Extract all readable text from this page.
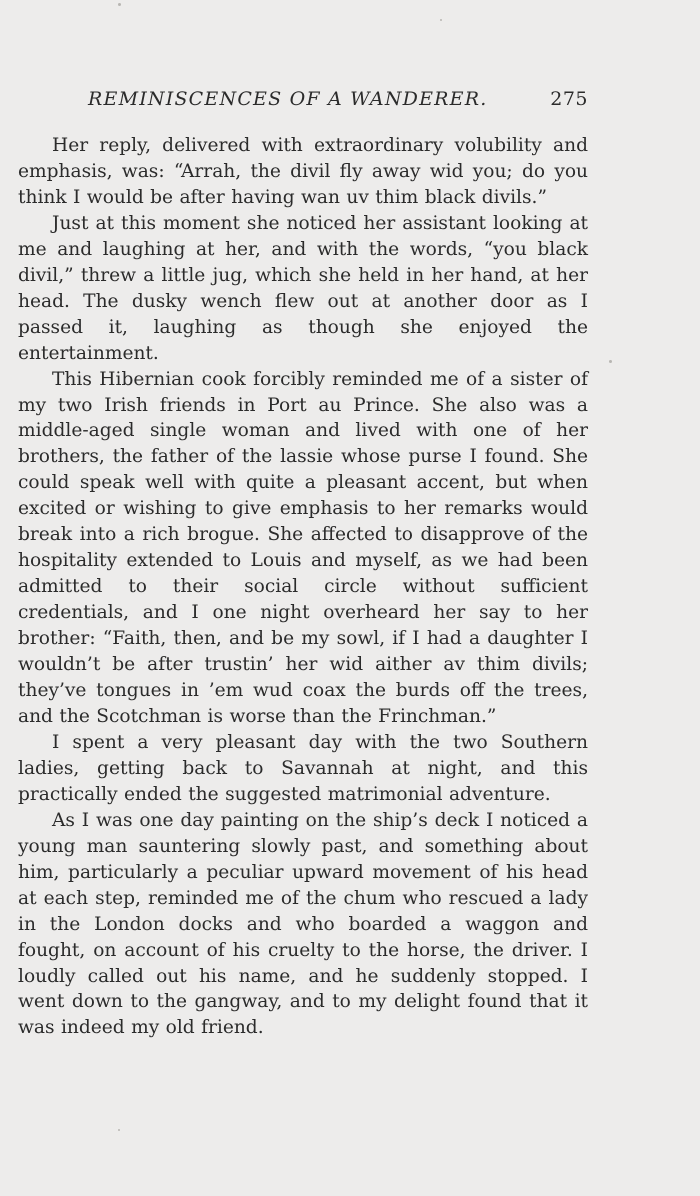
REMINISCENCES OF A WANDERER.	275

Her reply, delivered with extraordinary volubility and emphasis, was: “Arrah, the divil fly away wid you; do you think I would be after having wan uv thim black divils.”

Just at this moment she noticed her assistant looking at me and laughing at her, and with the words, “you black divil,” threw a little jug, which she held in her hand, at her head. The dusky wench flew out at another door as I passed it, laughing as though she enjoyed the entertainment.

This Hibernian cook forcibly reminded me of a sister of my two Irish friends in Port au Prince. She also was a middle-aged single woman and lived with one of her brothers, the father of the lassie whose purse I found. She could speak well with quite a pleasant accent, but when excited or wishing to give emphasis to her remarks would break into a rich brogue. She affected to disapprove of the hospitality extended to Louis and myself, as we had been admitted to their social circle without sufficient credentials, and I one night overheard her say to her brother: “Faith, then, and be my sowl, if I had a daughter I wouldn’t be after trustin’ her wid aither av thim divils; they’ve tongues in ’em wud coax the burds off the trees, and the Scotchman is worse than the Frinchman.”

I spent a very pleasant day with the two Southern ladies, getting back to Savannah at night, and this practically ended the suggested matrimonial adventure.

As I was one day painting on the ship’s deck I noticed a young man sauntering slowly past, and something about him, particularly a peculiar upward movement of his head at each step, reminded me of the chum who rescued a lady in the London docks and who boarded a waggon and fought, on account of his cruelty to the horse, the driver. I loudly called out his name, and he suddenly stopped. I went down to the gangway, and to my delight found that it was indeed my old friend.
